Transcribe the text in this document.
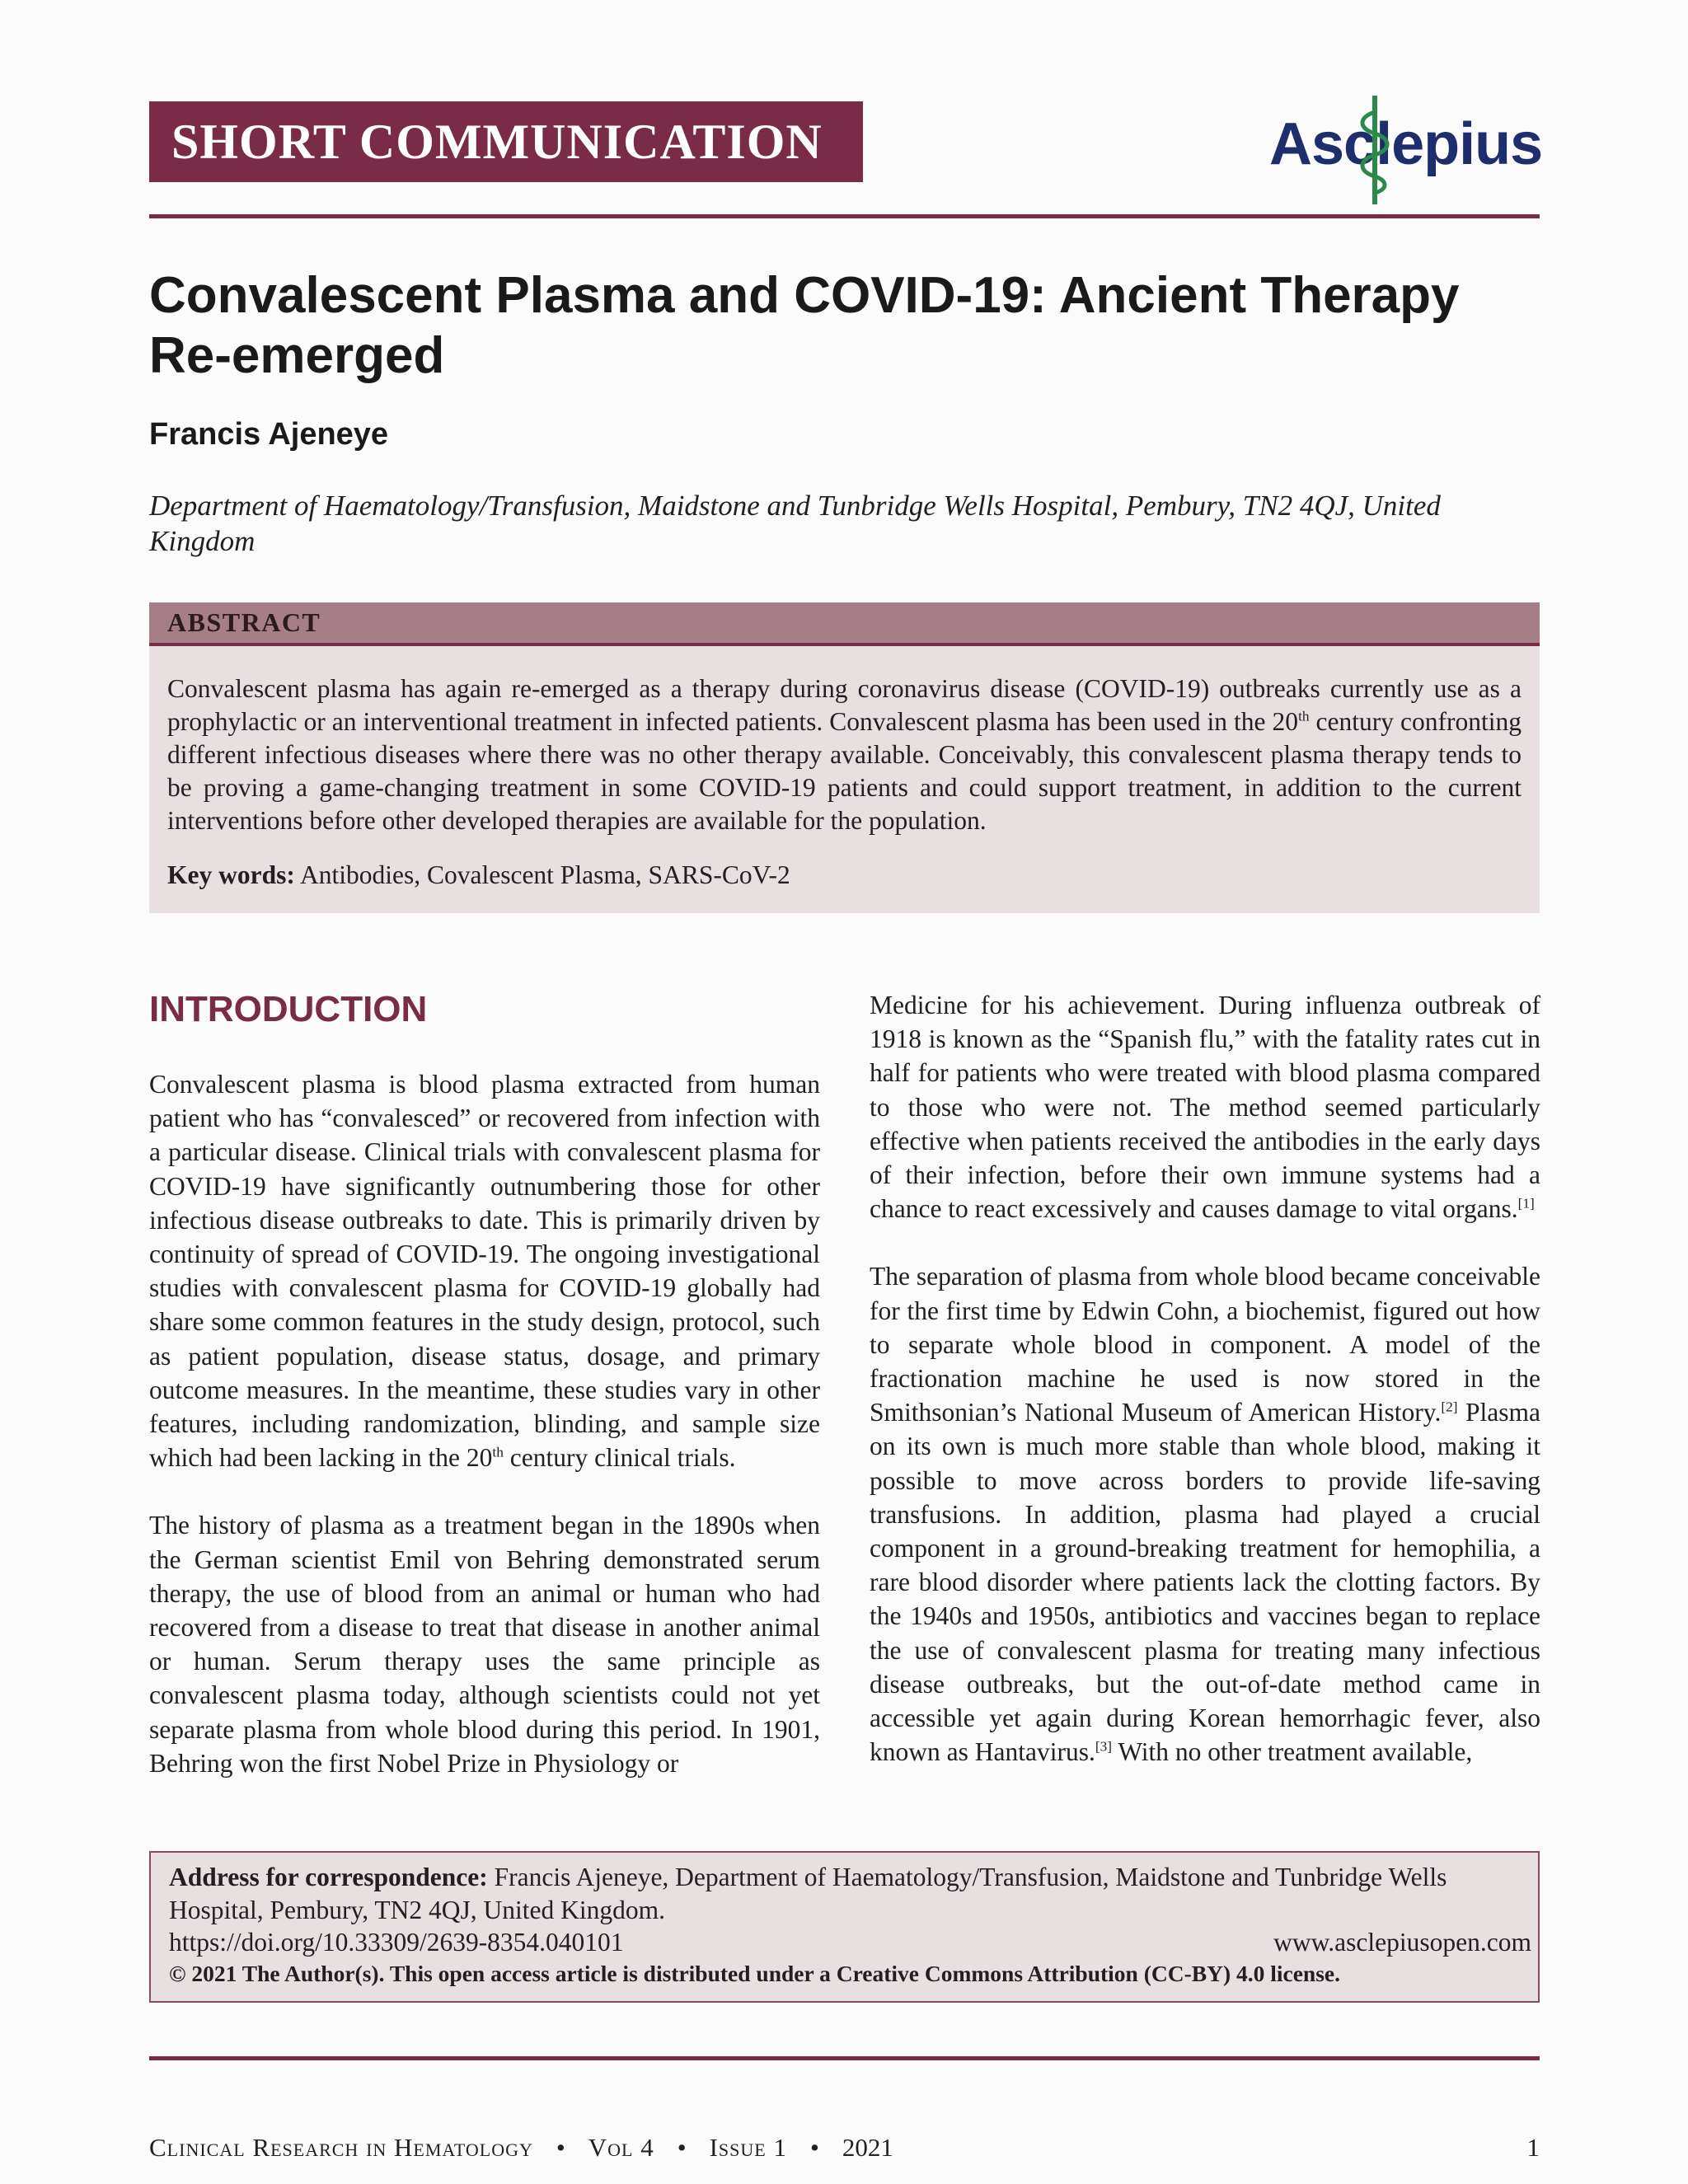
SHORT COMMUNICATION	Asclepius
Convalescent Plasma and COVID-19: Ancient Therapy Re-emerged
Francis Ajeneye

Department of Haematology/Transfusion, Maidstone and Tunbridge Wells Hospital, Pembury, TN2 4QJ, United Kingdom

ABSTRACT

Convalescent plasma has again re-emerged as a therapy during coronavirus disease (COVID-19) outbreaks currently use as a prophylactic or an interventional treatment in infected patients. Convalescent plasma has been used in the 20th century confronting different infectious diseases where there was no other therapy available. Conceivably, this convalescent plasma therapy tends to be proving a game-changing treatment in some COVID-19 patients and could support treatment, in addition to the current interventions before other developed therapies are available for the population.

Key words: Antibodies, Covalescent Plasma, SARS-CoV-2

INTRODUCTION

Convalescent plasma is blood plasma extracted from human patient who has “convalesced” or recovered from infection with a particular disease. Clinical trials with convalescent plasma for COVID-19 have significantly outnumbering those for other infectious disease outbreaks to date. This is primarily driven by continuity of spread of COVID-19. The ongoing investigational studies with convalescent plasma for COVID-19 globally had share some common features in the study design, protocol, such as patient population, disease status, dosage, and primary outcome measures. In the meantime, these studies vary in other features, including randomization, blinding, and sample size which had been lacking in the 20th century clinical trials.

The history of plasma as a treatment began in the 1890s when the German scientist Emil von Behring demonstrated serum therapy, the use of blood from an animal or human who had recovered from a disease to treat that disease in another animal or human. Serum therapy uses the same principle as convalescent plasma today, although scientists could not yet separate plasma from whole blood during this period. In 1901, Behring won the first Nobel Prize in Physiology or

Medicine for his achievement. During influenza outbreak of 1918 is known as the “Spanish flu,” with the fatality rates cut in half for patients who were treated with blood plasma compared to those who were not. The method seemed particularly effective when patients received the antibodies in the early days of their infection, before their own immune systems had a chance to react excessively and causes damage to vital organs.[1]

The separation of plasma from whole blood became conceivable for the first time by Edwin Cohn, a biochemist, figured out how to separate whole blood in component. A model of the fractionation machine he used is now stored in the Smithsonian’s National Museum of American History.[2] Plasma on its own is much more stable than whole blood, making it possible to move across borders to provide life-saving transfusions. In addition, plasma had played a crucial component in a ground-breaking treatment for hemophilia, a rare blood disorder where patients lack the clotting factors. By the 1940s and 1950s, antibiotics and vaccines began to replace the use of convalescent plasma for treating many infectious disease outbreaks, but the out-of-date method came in accessible yet again during Korean hemorrhagic fever, also known as Hantavirus.[3] With no other treatment available,

Address for correspondence: Francis Ajeneye, Department of Haematology/Transfusion, Maidstone and Tunbridge Wells Hospital, Pembury, TN2 4QJ, United Kingdom.

https://doi.org/10.33309/2639-8354.040101	www.asclepiusopen.com

© 2021 The Author(s). This open access article is distributed under a Creative Commons Attribution (CC-BY) 4.0 license.

Clinical Research in Hematology • Vol 4 • Issue 1 • 2021	1
